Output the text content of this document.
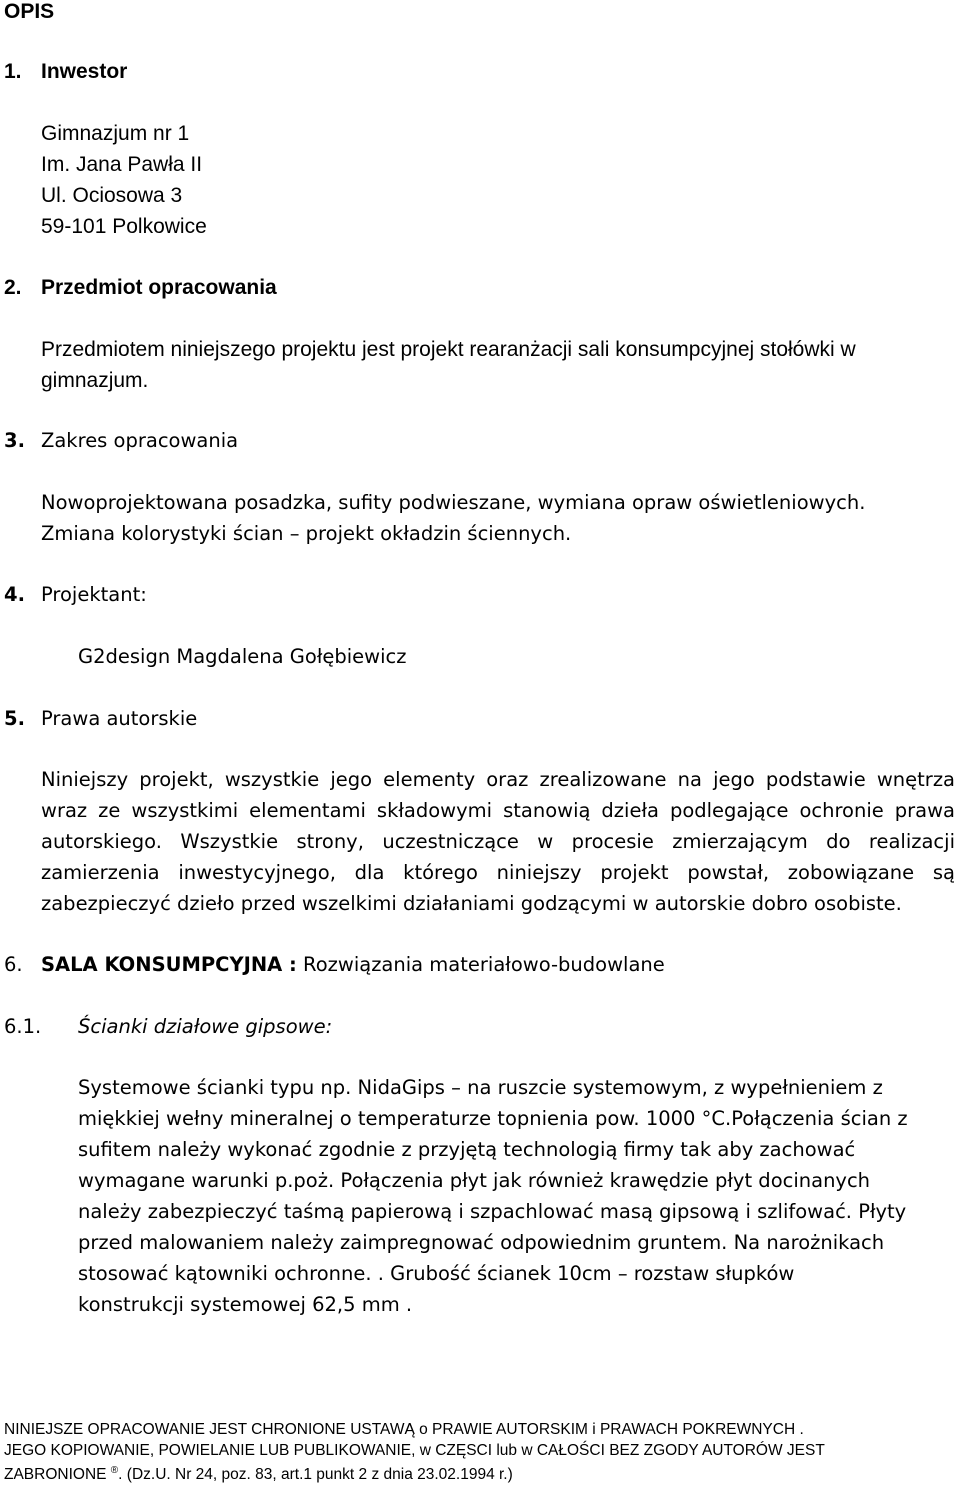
OPIS
1. Inwestor
Gimnazjum nr 1
Im. Jana Pawła II
Ul. Ociosowa 3
59-101 Polkowice
2. Przedmiot opracowania
Przedmiotem niniejszego projektu jest projekt rearanżacji sali konsumpcyjnej stołówki w
gimnazjum.
3. Zakres opracowania
Nowoprojektowana posadzka, sufity podwieszane, wymiana opraw oświetleniowych.
Zmiana kolorystyki ścian – projekt okładzin ściennych.
4. Projektant:
G2design Magdalena Gołębiewicz
5. Prawa autorskie
Niniejszy projekt, wszystkie jego elementy oraz zrealizowane na jego podstawie wnętrza
wraz ze wszystkimi elementami składowymi stanowią dzieła podlegające ochronie prawa
autorskiego. Wszystkie strony, uczestniczące w procesie zmierzającym do realizacji
zamierzenia inwestycyjnego, dla którego niniejszy projekt powstał, zobowiązane są
zabezpieczyć dzieło przed wszelkimi działaniami godzącymi w autorskie dobro osobiste.
6. SALA KONSUMPCYJNA : Rozwiązania materiałowo-budowlane
6.1. Ścianki działowe gipsowe:

Systemowe ścianki typu np. NidaGips – na ruszcie systemowym, z wypełnieniem z
miękkiej wełny mineralnej o temperaturze topnienia pow. 1000 °C.Połączenia ścian z
sufitem należy wykonać zgodnie z przyjętą technologią firmy tak aby zachować
wymagane warunki p.poż. Połączenia płyt jak również krawędzie płyt docinanych
należy zabezpieczyć taśmą papierową i szpachlować masą gipsową i szlifować. Płyty
przed malowaniem należy zaimpregnować odpowiednim gruntem. Na narożnikach
stosować kątowniki ochronne. . Grubość ścianek 10cm – rozstaw słupków
konstrukcji systemowej 62,5 mm .

NINIEJSZE OPRACOWANIE JEST CHRONIONE USTAWĄ o PRAWIE AUTORSKIM i PRAWACH POKREWNYCH .
JEGO KOPIOWANIE, POWIELANIE LUB PUBLIKOWANIE, w CZĘSCI lub w CAŁOŚCI BEZ ZGODY AUTORÓW JEST
ZABRONIONE ®. (Dz.U. Nr 24, poz. 83, art.1 punkt 2 z dnia 23.02.1994 r.)
